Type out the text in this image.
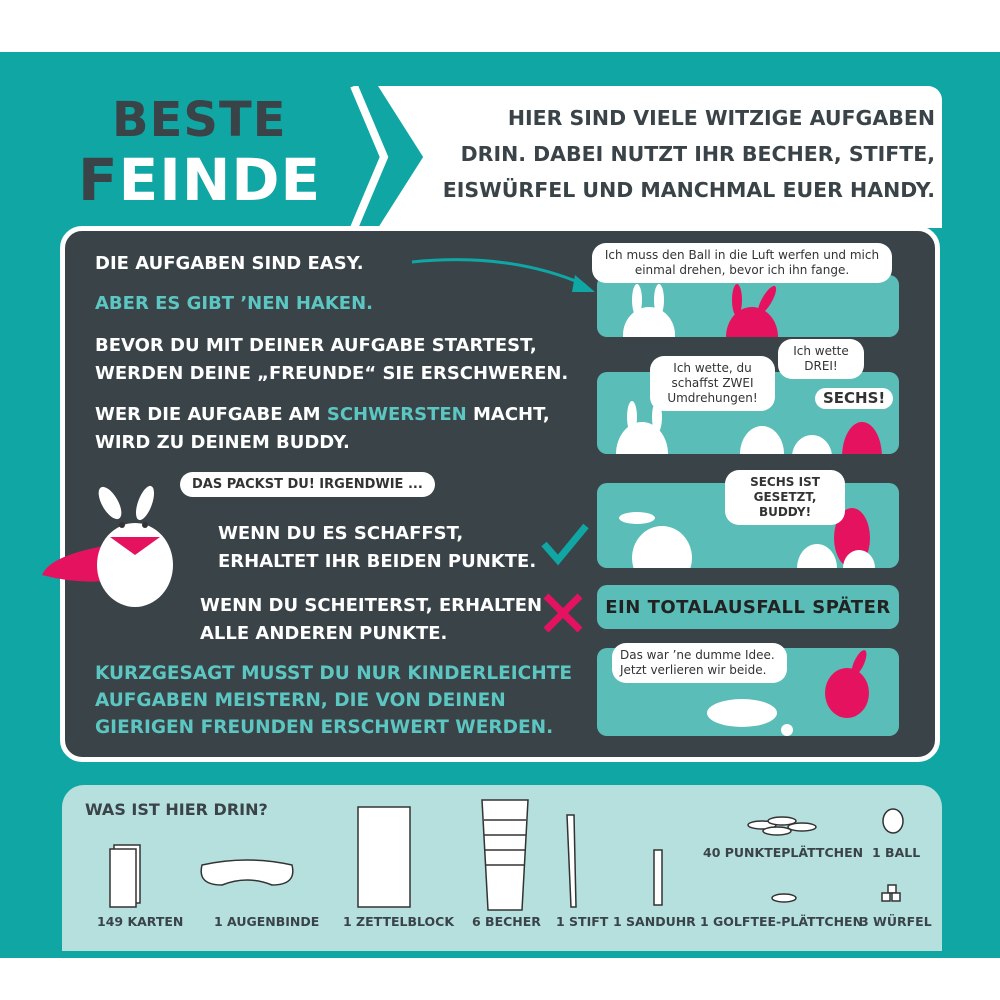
BESTE
FEINDE
HIER SIND VIELE WITZIGE AUFGABEN
DRIN. DABEI NUTZT IHR BECHER, STIFTE,
EISWÜRFEL UND MANCHMAL EUER HANDY.
DIE AUFGABEN SIND EASY.
ABER ES GIBT ’NEN HAKEN.
BEVOR DU MIT DEINER AUFGABE STARTEST,
WERDEN DEINE „FREUNDE“ SIE ERSCHWEREN.
WER DIE AUFGABE AM SCHWERSTEN MACHT,
WIRD ZU DEINEM BUDDY.
DAS PACKST DU! IRGENDWIE ...
WENN DU ES SCHAFFST,
ERHALTET IHR BEIDEN PUNKTE.
WENN DU SCHEITERST, ERHALTEN
ALLE ANDEREN PUNKTE.
KURZGESAGT MUSST DU NUR KINDERLEICHTE
AUFGABEN MEISTERN, DIE VON DEINEN
GIERIGEN FREUNDEN ERSCHWERT WERDEN.
Ich muss den Ball in die Luft werfen und mich einmal drehen, bevor ich ihn fange.
Ich wette, du schaffst ZWEI Umdrehungen!
Ich wette DREI!
SECHS!
SECHS IST GESETZT, BUDDY!
EIN TOTALAUSFALL SPÄTER
Das war ’ne dumme Idee. Jetzt verlieren wir beide.
WAS IST HIER DRIN?
149 KARTEN 1 AUGENBINDE 1 ZETTELBLOCK 6 BECHER 1 STIFT 1 SANDUHR 1 GOLFTEE-PLÄTTCHEN
3 WÜRFEL
40 PUNKTEPLÄTTCHEN 1 BALL
